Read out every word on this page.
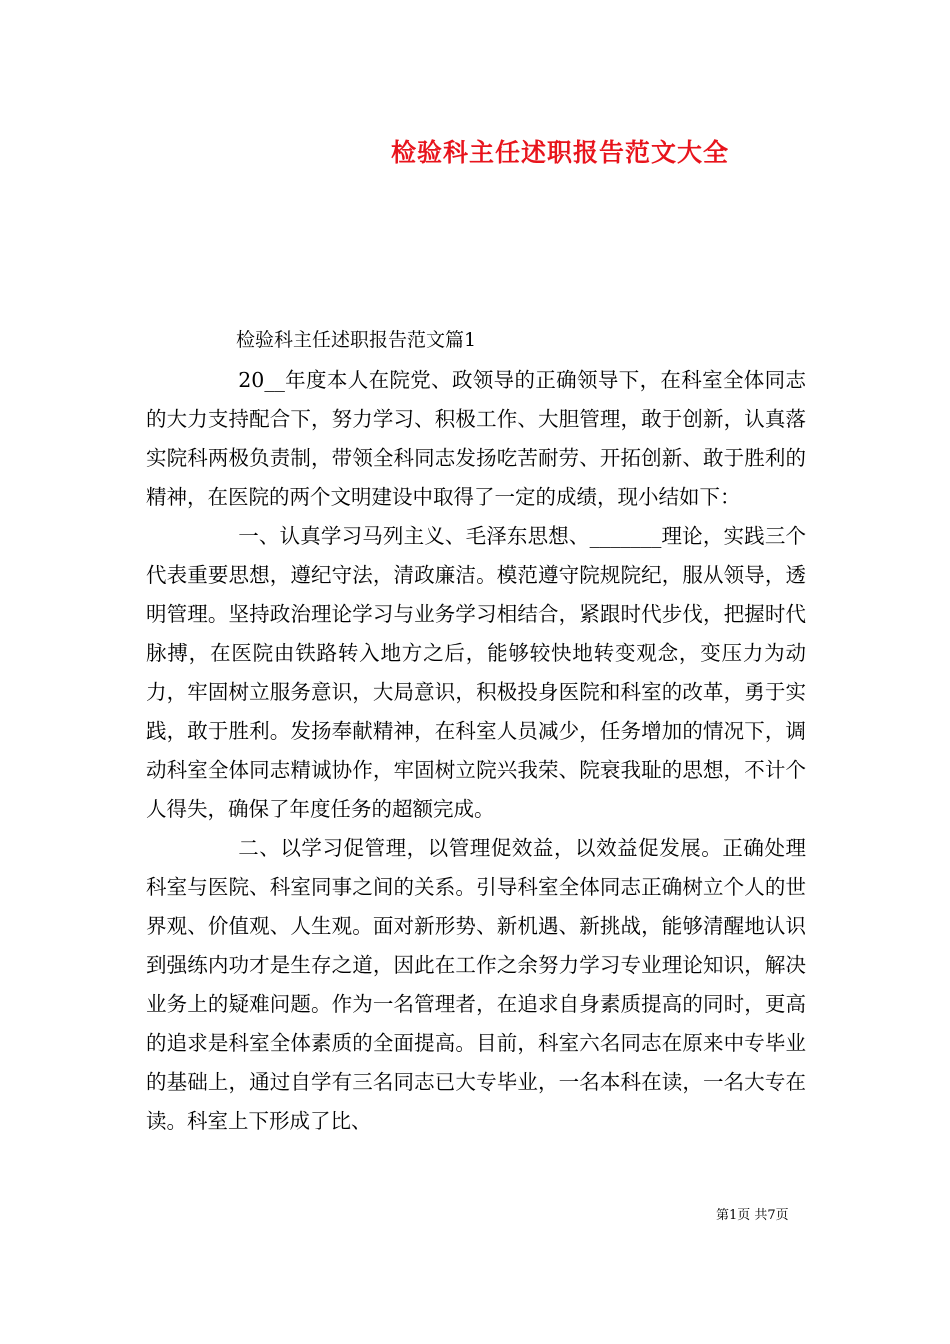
检验科主任述职报告范文大全
检验科主任述职报告范文篇1

20__年度本人在院党、政领导的正确领导下，在科室全体同志的大力支持配合下，努力学习、积极工作、大胆管理，敢于创新，认真落实院科两极负责制，带领全科同志发扬吃苦耐劳、开拓创新、敢于胜利的精神，在医院的两个文明建设中取得了一定的成绩，现小结如下：

一、认真学习马列主义、毛泽东思想、_______理论，实践三个代表重要思想，遵纪守法，清政廉洁。模范遵守院规院纪，服从领导，透明管理。坚持政治理论学习与业务学习相结合，紧跟时代步伐，把握时代脉搏，在医院由铁路转入地方之后，能够较快地转变观念，变压力为动力，牢固树立服务意识，大局意识，积极投身医院和科室的改革，勇于实践，敢于胜利。发扬奉献精神，在科室人员减少，任务增加的情况下，调动科室全体同志精诚协作，牢固树立院兴我荣、院衰我耻的思想，不计个人得失，确保了年度任务的超额完成。

二、以学习促管理，以管理促效益，以效益促发展。正确处理科室与医院、科室同事之间的关系。引导科室全体同志正确树立个人的世界观、价值观、人生观。面对新形势、新机遇、新挑战，能够清醒地认识到强练内功才是生存之道，因此在工作之余努力学习专业理论知识，解决业务上的疑难问题。作为一名管理者，在追求自身素质提高的同时，更高的追求是科室全体素质的全面提高。目前，科室六名同志在原来中专毕业的基础上，通过自学有三名同志已大专毕业，一名本科在读，一名大专在读。科室上下形成了比、

第1页 共7页
